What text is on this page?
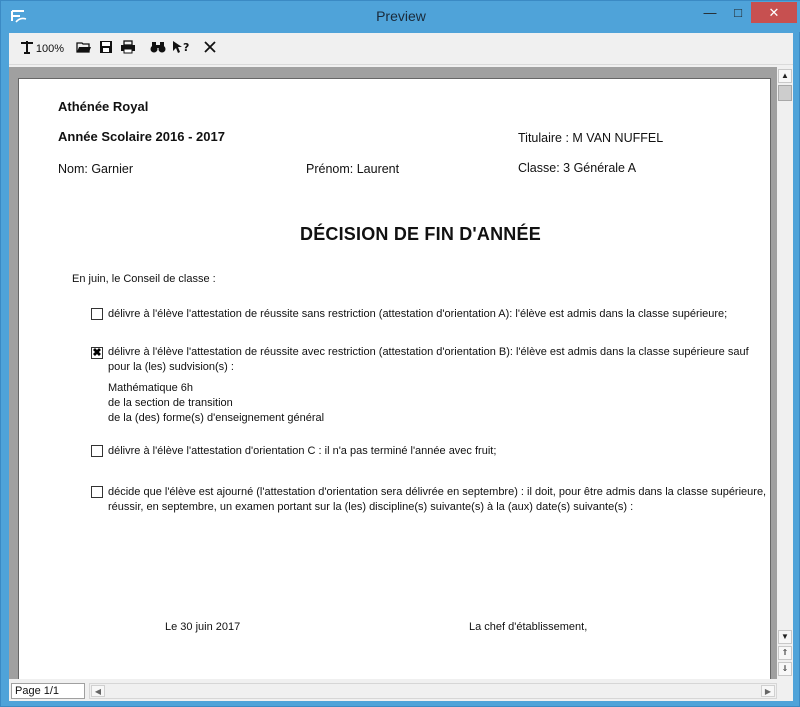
Preview	—	□	✕
100%	?
Athénée Royal
Année Scolaire 2016 - 2017	Titulaire : M VAN NUFFEL
Nom: Garnier	Prénom: Laurent	Classe: 3 Générale A
DÉCISION DE FIN D'ANNÉE
En juin, le Conseil de classe :
délivre à l'élève l'attestation de réussite sans restriction (attestation d'orientation A): l'élève est admis dans la classe supérieure;
✖ délivre à l'élève l'attestation de réussite avec restriction (attestation d'orientation B): l'élève est admis dans la classe supérieure sauf
pour la (les) sudvision(s) :
Mathématique 6h
de la section de transition
de la (des) forme(s) d'enseignement général
délivre à l'élève l'attestation d'orientation C : il n'a pas terminé l'année avec fruit;
décide que l'élève est ajourné (l'attestation d'orientation sera délivrée en septembre) : il doit, pour être admis dans la classe supérieure,
réussir, en septembre, un examen portant sur la (les) discipline(s) suivante(s) à la (aux) date(s) suivante(s) :
Le 30 juin 2017	La chef d'établissement,
▲
▼
⇑
⇓
Page 1/1	◀	▶
